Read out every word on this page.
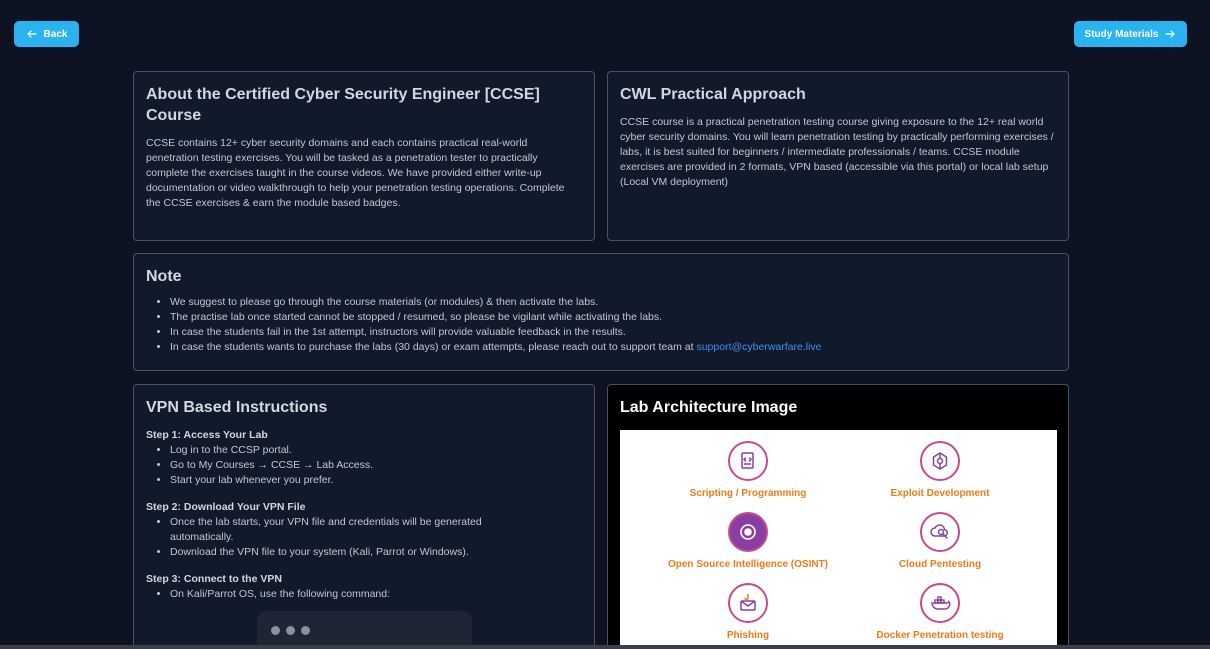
Back	Study Materials
About the Certified Cyber Security Engineer [CCSE] Course

CCSE contains 12+ cyber security domains and each contains practical real-world penetration testing exercises. You will be tasked as a penetration tester to practically complete the exercises taught in the course videos. We have provided either write-up documentation or video walkthrough to help your penetration testing operations. Complete the CCSE exercises & earn the module based badges.

CWL Practical Approach

CCSE course is a practical penetration testing course giving exposure to the 12+ real world cyber security domains. You will learn penetration testing by practically performing exercises / labs, it is best suited for beginners / intermediate professionals / teams. CCSE module exercises are provided in 2 formats, VPN based (accessible via this portal) or local lab setup (Local VM deployment)

Note
• We suggest to please go through the course materials (or modules) & then activate the labs.
• The practise lab once started cannot be stopped / resumed, so please be vigilant while activating the labs.
• In case the students fail in the 1st attempt, instructors will provide valuable feedback in the results.
• In case the students wants to purchase the labs (30 days) or exam attempts, please reach out to support team at support@cyberwarfare.live
VPN Based Instructions
Step 1: Access Your Lab
• Log in to the CCSP portal.
• Go to My Courses → CCSE → Lab Access.
• Start your lab whenever you prefer.
Step 2: Download Your VPN File
• Once the lab starts, your VPN file and credentials will be generated automatically.
• Download the VPN file to your system (Kali, Parrot or Windows).
Step 3: Connect to the VPN
• On Kali/Parrot OS, use the following command:
Lab Architecture Image
Scripting / Programming	Exploit Development
Open Source Intelligence (OSINT)	Cloud Pentesting
Phishing	Docker Penetration testing
